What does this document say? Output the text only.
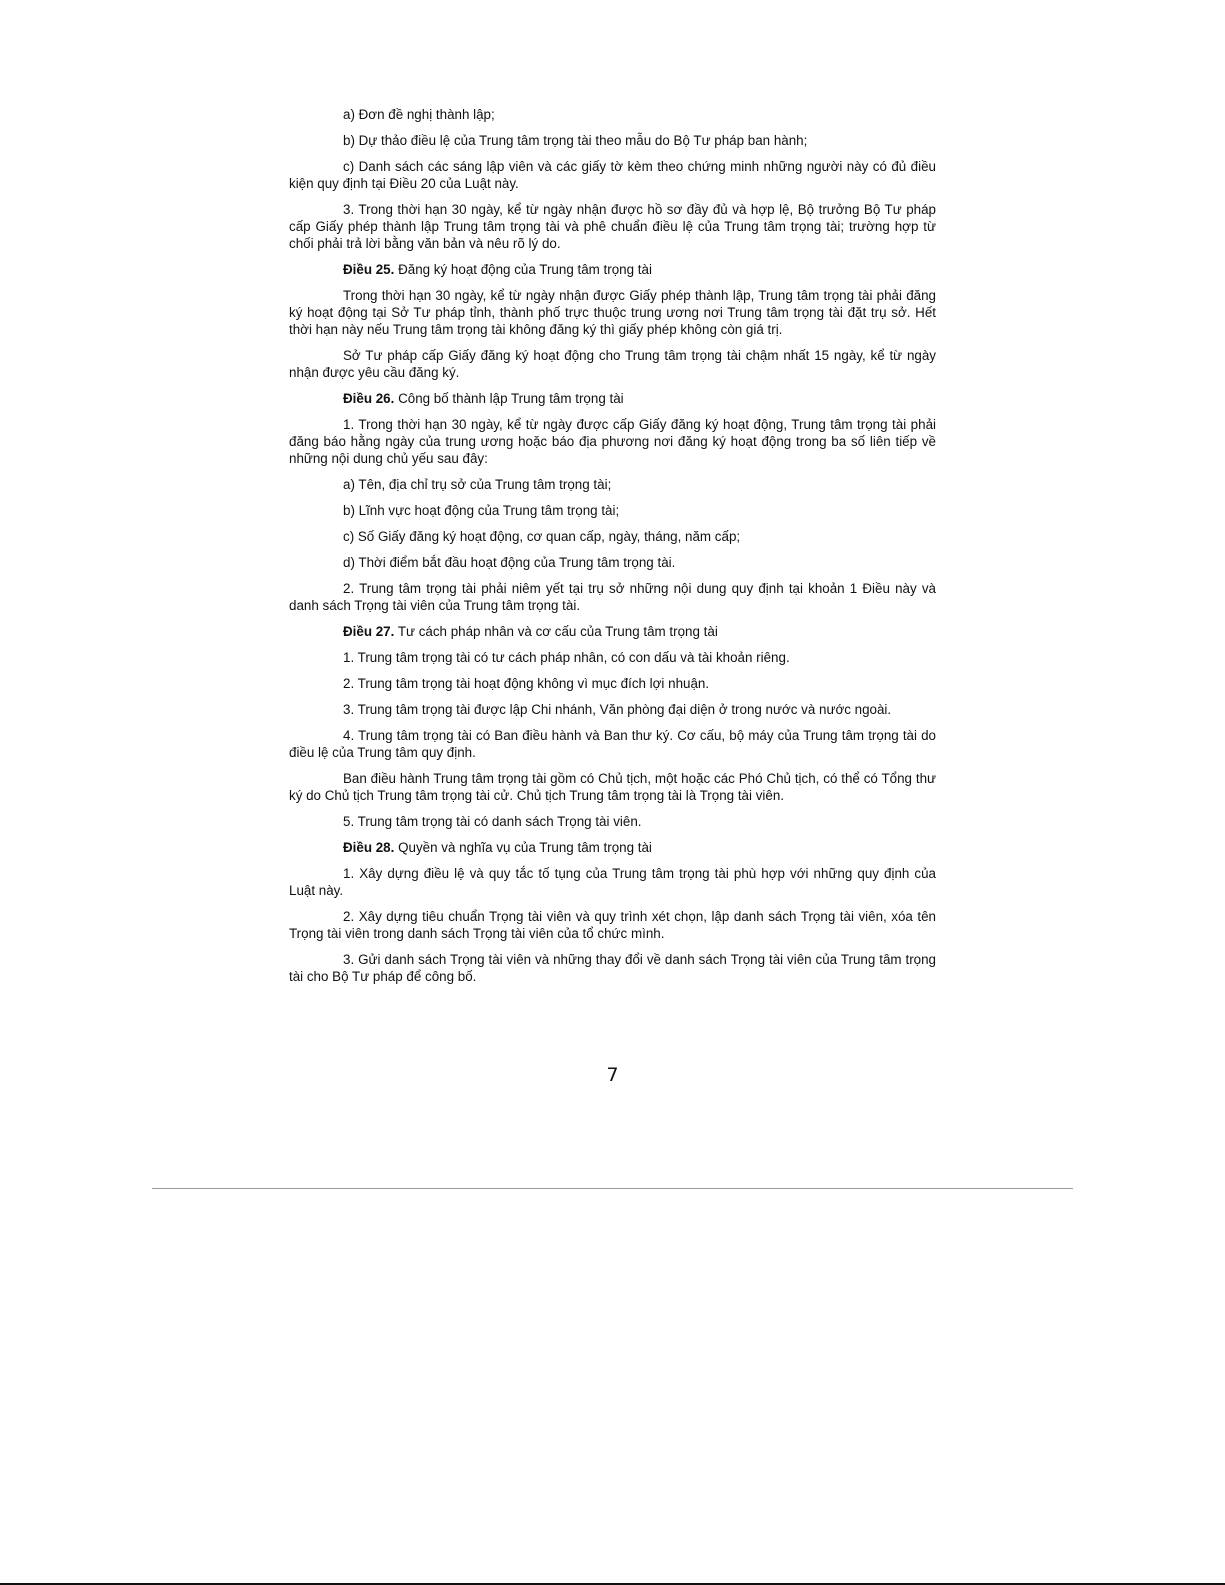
a) Đơn đề nghị thành lập;

b) Dự thảo điều lệ của Trung tâm trọng tài theo mẫu do Bộ Tư pháp ban hành;

c) Danh sách các sáng lập viên và các giấy tờ kèm theo chứng minh những người này có đủ điều kiện quy định tại Điều 20 của Luật này.

3. Trong thời hạn 30 ngày, kể từ ngày nhận được hồ sơ đầy đủ và hợp lệ, Bộ trưởng Bộ Tư pháp cấp Giấy phép thành lập Trung tâm trọng tài và phê chuẩn điều lệ của Trung tâm trọng tài; trường hợp từ chối phải trả lời bằng văn bản và nêu rõ lý do.

Điều 25. Đăng ký hoạt động của Trung tâm trọng tài

Trong thời hạn 30 ngày, kể từ ngày nhận được Giấy phép thành lập, Trung tâm trọng tài phải đăng ký hoạt động tại Sở Tư pháp tỉnh, thành phố trực thuộc trung ương nơi Trung tâm trọng tài đặt trụ sở. Hết thời hạn này nếu Trung tâm trọng tài không đăng ký thì giấy phép không còn giá trị.

Sở Tư pháp cấp Giấy đăng ký hoạt động cho Trung tâm trọng tài chậm nhất 15 ngày, kể từ ngày nhận được yêu cầu đăng ký.

Điều 26. Công bố thành lập Trung tâm trọng tài

1. Trong thời hạn 30 ngày, kể từ ngày được cấp Giấy đăng ký hoạt động, Trung tâm trọng tài phải đăng báo hằng ngày của trung ương hoặc báo địa phương nơi đăng ký hoạt động trong ba số liên tiếp về những nội dung chủ yếu sau đây:

a) Tên, địa chỉ trụ sở của Trung tâm trọng tài;

b) Lĩnh vực hoạt động của Trung tâm trọng tài;

c) Số Giấy đăng ký hoạt động, cơ quan cấp, ngày, tháng, năm cấp;

d) Thời điểm bắt đầu hoạt động của Trung tâm trọng tài.

2. Trung tâm trọng tài phải niêm yết tại trụ sở những nội dung quy định tại khoản 1 Điều này và danh sách Trọng tài viên của Trung tâm trọng tài.

Điều 27. Tư cách pháp nhân và cơ cấu của Trung tâm trọng tài

1. Trung tâm trọng tài có tư cách pháp nhân, có con dấu và tài khoản riêng.

2. Trung tâm trọng tài hoạt động không vì mục đích lợi nhuận.

3. Trung tâm trọng tài được lập Chi nhánh, Văn phòng đại diện ở trong nước và nước ngoài.

4. Trung tâm trọng tài có Ban điều hành và Ban thư ký. Cơ cấu, bộ máy của Trung tâm trọng tài do điều lệ của Trung tâm quy định.

Ban điều hành Trung tâm trọng tài gồm có Chủ tịch, một hoặc các Phó Chủ tịch, có thể có Tổng thư ký do Chủ tịch Trung tâm trọng tài cử. Chủ tịch Trung tâm trọng tài là Trọng tài viên.

5. Trung tâm trọng tài có danh sách Trọng tài viên.

Điều 28. Quyền và nghĩa vụ của Trung tâm trọng tài

1. Xây dựng điều lệ và quy tắc tố tụng của Trung tâm trọng tài phù hợp với những quy định của Luật này.

2. Xây dựng tiêu chuẩn Trọng tài viên và quy trình xét chọn, lập danh sách Trọng tài viên, xóa tên Trọng tài viên trong danh sách Trọng tài viên của tổ chức mình.

3. Gửi danh sách Trọng tài viên và những thay đổi về danh sách Trọng tài viên của Trung tâm trọng tài cho Bộ Tư pháp để công bố.

7
